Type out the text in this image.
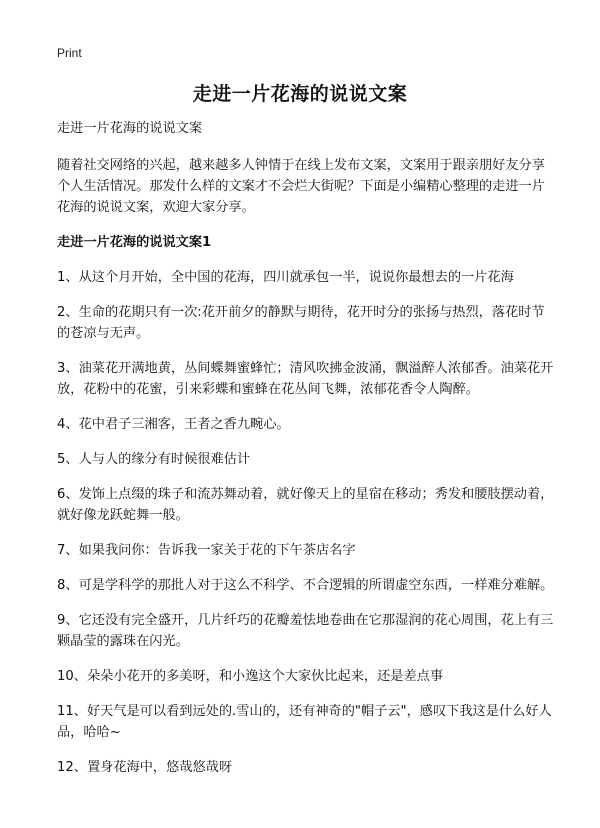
Print
走进一片花海的说说文案

走进一片花海的说说文案

随着社交网络的兴起，越来越多人钟情于在线上发布文案，文案用于跟亲朋好友分享个人生活情况。那发什么样的文案才不会烂大街呢？下面是小编精心整理的走进一片花海的说说文案，欢迎大家分享。

走进一片花海的说说文案1

1、从这个月开始，全中国的花海，四川就承包一半，说说你最想去的一片花海

2、生命的花期只有一次:花开前夕的静默与期待，花开时分的张扬与热烈，落花时节的苍凉与无声。

3、油菜花开满地黄，丛间蝶舞蜜蜂忙；清风吹拂金波涌，飘溢醉人浓郁香。油菜花开放，花粉中的花蜜，引来彩蝶和蜜蜂在花丛间飞舞，浓郁花香令人陶醉。

4、花中君子三湘客，王者之香九畹心。

5、人与人的缘分有时候很难估计

6、发饰上点缀的珠子和流苏舞动着，就好像天上的星宿在移动；秀发和腰肢摆动着，就好像龙跃蛇舞一般。

7、如果我问你：告诉我一家关于花的下午茶店名字

8、可是学科学的那批人对于这么不科学、不合逻辑的所谓虚空东西，一样难分难解。

9、它还没有完全盛开，几片纤巧的花瓣羞怯地卷曲在它那湿润的花心周围，花上有三颗晶莹的露珠在闪光。

10、朵朵小花开的多美呀，和小逸这个大家伙比起来，还是差点事

11、好天气是可以看到远处的.雪山的，还有神奇的"帽子云"，感叹下我这是什么好人品，哈哈~

12、置身花海中，悠哉悠哉呀
